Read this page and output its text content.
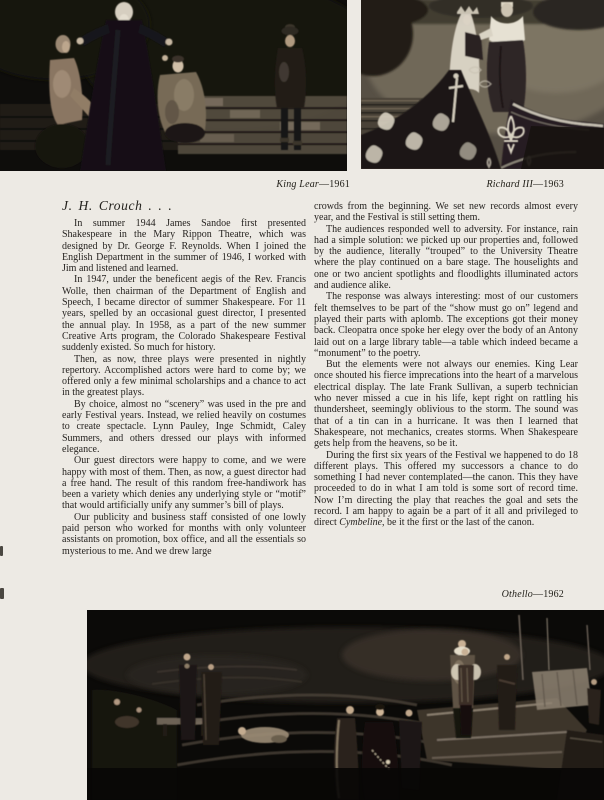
King Lear—1961	Richard III—1963
J. H. Crouch . . .

In summer 1944 James Sandoe first presented Shakespeare in the Mary Rippon Theatre, which was designed by Dr. George F. Reynolds. When I joined the English Department in the summer of 1946, I worked with Jim and listened and learned.

In 1947, under the beneficent aegis of the Rev. Francis Wolle, then chairman of the Department of English and Speech, I became director of summer Shakespeare. For 11 years, spelled by an occasional guest director, I presented the annual play. In 1958, as a part of the new summer Creative Arts program, the Colorado Shakespeare Festival suddenly existed. So much for history.

Then, as now, three plays were presented in nightly repertory. Accomplished actors were hard to come by; we offered only a few minimal scholarships and a chance to act in the greatest plays.

By choice, almost no “scenery” was used in the pre and early Festival years. Instead, we relied heavily on costumes to create spectacle. Lynn Pauley, Inge Schmidt, Caley Summers, and others dressed our plays with informed elegance.

Our guest directors were happy to come, and we were happy with most of them. Then, as now, a guest director had a free hand. The result of this random free-handiwork has been a variety which denies any underlying style or “motif” that would artificially unify any summer’s bill of plays.

Our publicity and business staff consisted of one lowly paid person who worked for months with only volunteer assistants on promotion, box office, and all the essentials so mysterious to me. And we drew large

crowds from the beginning. We set new records almost every year, and the Festival is still setting them.

The audiences responded well to adversity. For instance, rain had a simple solution: we picked up our properties and, followed by the audience, literally “trouped” to the University Theatre where the play continued on a bare stage. The houselights and one or two ancient spotlights and floodlights illuminated actors and audience alike.

The response was always interesting: most of our customers felt themselves to be part of the “show must go on” legend and played their parts with aplomb. The exceptions got their money back. Cleopatra once spoke her elegy over the body of an Antony laid out on a large library table—a table which indeed became a “monument” to the poetry.

But the elements were not always our enemies. King Lear once shouted his fierce imprecations into the heart of a marvelous electrical display. The late Frank Sullivan, a superb technician who never missed a cue in his life, kept right on rattling his thundersheet, seemingly oblivious to the storm. The sound was that of a tin can in a hurricane. It was then I learned that Shakespeare, not mechanics, creates storms. When Shakespeare gets help from the heavens, so be it.

During the first six years of the Festival we happened to do 18 different plays. This offered my successors a chance to do something I had never contemplated—the canon. This they have proceeded to do in what I am told is some sort of record time. Now I’m directing the play that reaches the goal and sets the record. I am happy to again be a part of it all and privileged to direct Cymbeline, be it the first or the last of the canon.

Othello—1962
